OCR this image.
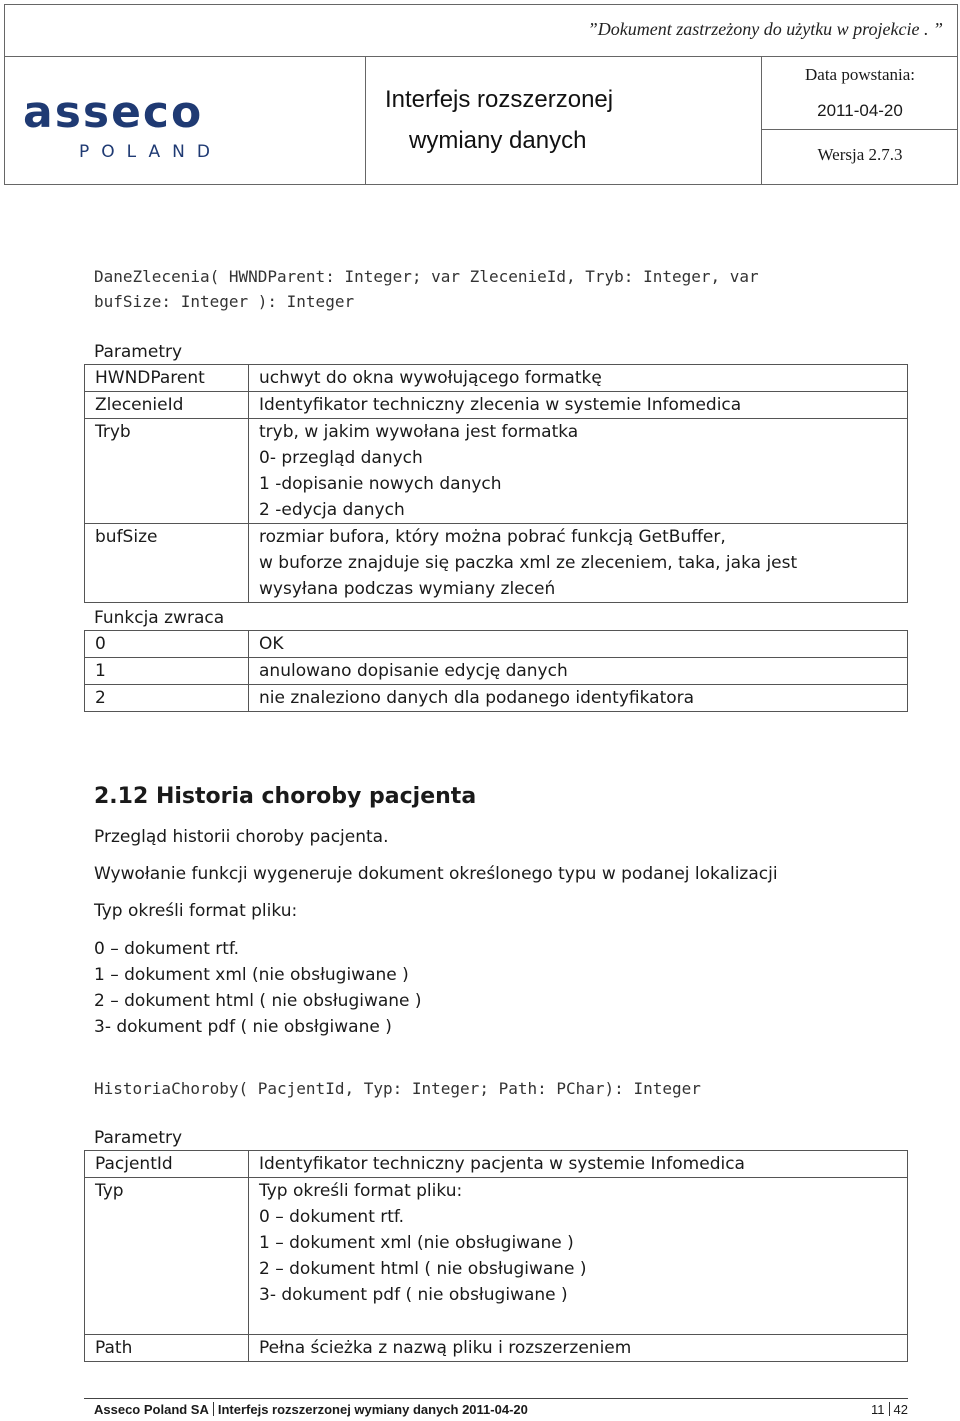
”Dokument zastrzeżony do użytku w projekcie . ”
asseco
POLAND
Interfejs rozszerzonej
wymiany danych
Data powstania:
2011-04-20
Wersja 2.7.3
DaneZlecenia( HWNDParent: Integer; var ZlecenieId, Tryb: Integer, var
bufSize: Integer ): Integer
Parametry
HWNDParent	uchwyt do okna wywołującego formatkę

ZlecenieId	Identyfikator techniczny zlecenia w systemie Infomedica

Tryb	tryb, w jakim wywołana jest formatka
0- przegląd danych
1 -dopisanie nowych danych
2 -edycja danych

bufSize	rozmiar bufora, który można pobrać funkcją GetBuffer,
w buforze znajduje się paczka xml ze zleceniem, taka, jaka jest
wysyłana podczas wymiany zleceń
Funkcja zwraca
0	OK
1	anulowano dopisanie edycję danych
2	nie znaleziono danych dla podanego identyfikatora
2.12 Historia choroby pacjenta
Przegląd historii choroby pacjenta.
Wywołanie funkcji wygeneruje dokument określonego typu w podanej lokalizacji
Typ określi format pliku:
0 – dokument rtf.
1 – dokument xml (nie obsługiwane )
2 – dokument html ( nie obsługiwane )
3- dokument pdf ( nie obsłgiwane )
HistoriaChoroby( PacjentId, Typ: Integer; Path: PChar): Integer
Parametry
PacjentId	Identyfikator techniczny pacjenta w systemie Infomedica

Typ	Typ określi format pliku:
0 – dokument rtf.
1 – dokument xml (nie obsługiwane )
2 – dokument html ( nie obsługiwane )
3- dokument pdf ( nie obsługiwane )

Path	Pełna ścieżka z nazwą pliku i rozszerzeniem
Asseco Poland SA Interfejs rozszerzonej wymiany danych 2011-04-20	11 42
